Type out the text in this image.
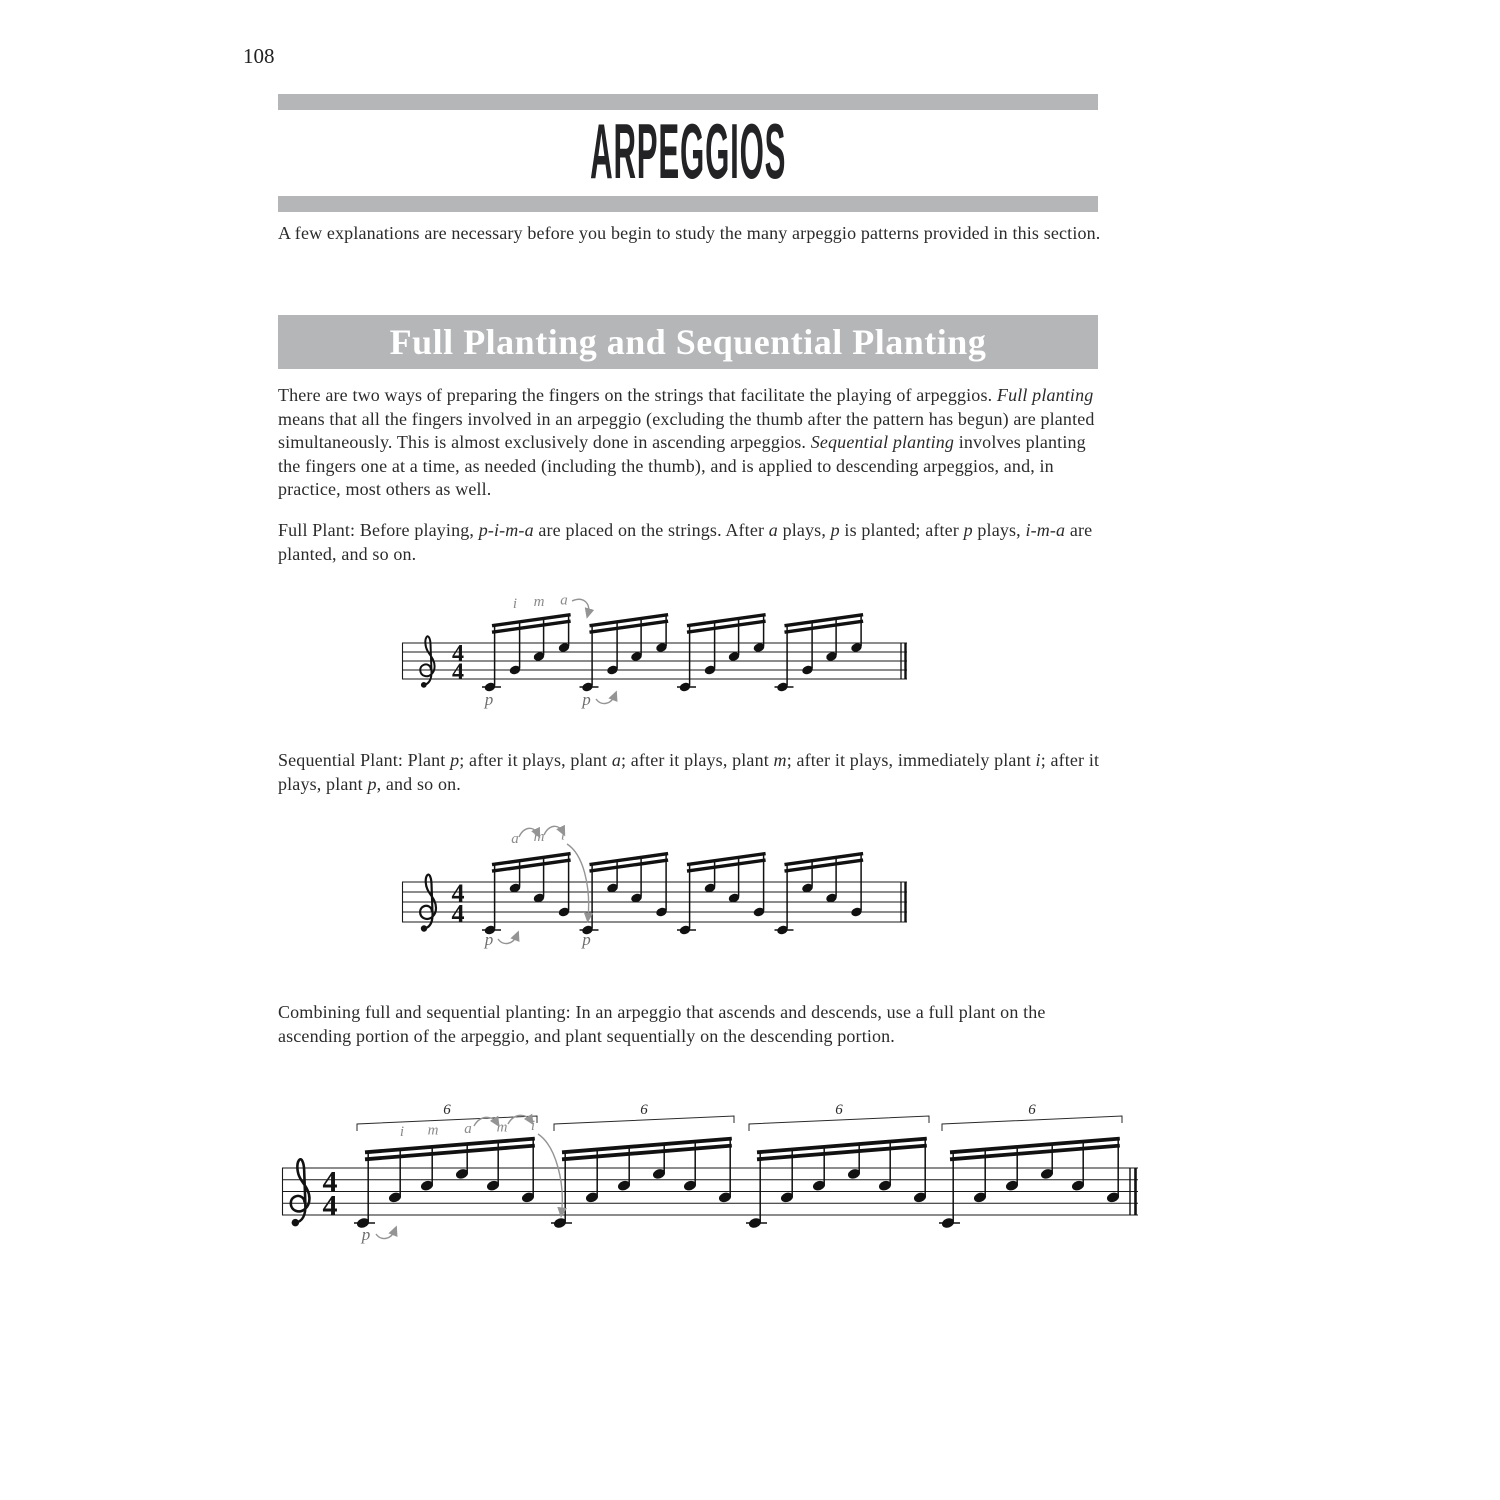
108
ARPEGGIOS
A few explanations are necessary before you begin to study the many arpeggio patterns provided in this section.
Full Planting and Sequential Planting
There are two ways of preparing the fingers on the strings that facilitate the playing of arpeggios. Full planting means that all the fingers involved in an arpeggio (excluding the thumb after the pattern has begun) are planted simultaneously. This is almost exclusively done in ascending arpeggios. Sequential planting involves planting the fingers one at a time, as needed (including the thumb), and is applied to descending arpeggios, and, in practice, most others as well.
Full Plant: Before playing, p-i-m-a are placed on the strings. After a plays, p is planted; after p plays, i-m-a are planted, and so on.
4
4
i m a
p	p
Sequential Plant: Plant p; after it plays, plant a; after it plays, plant m; after it plays, immediately plant i; after it plays, plant p, and so on.
4
4
a m i
p	p
Combining full and sequential planting: In an arpeggio that ascends and descends, use a full plant on the ascending portion of the arpeggio, and plant sequentially on the descending portion.
4
4
6	6	6	6
i m a m i
p
